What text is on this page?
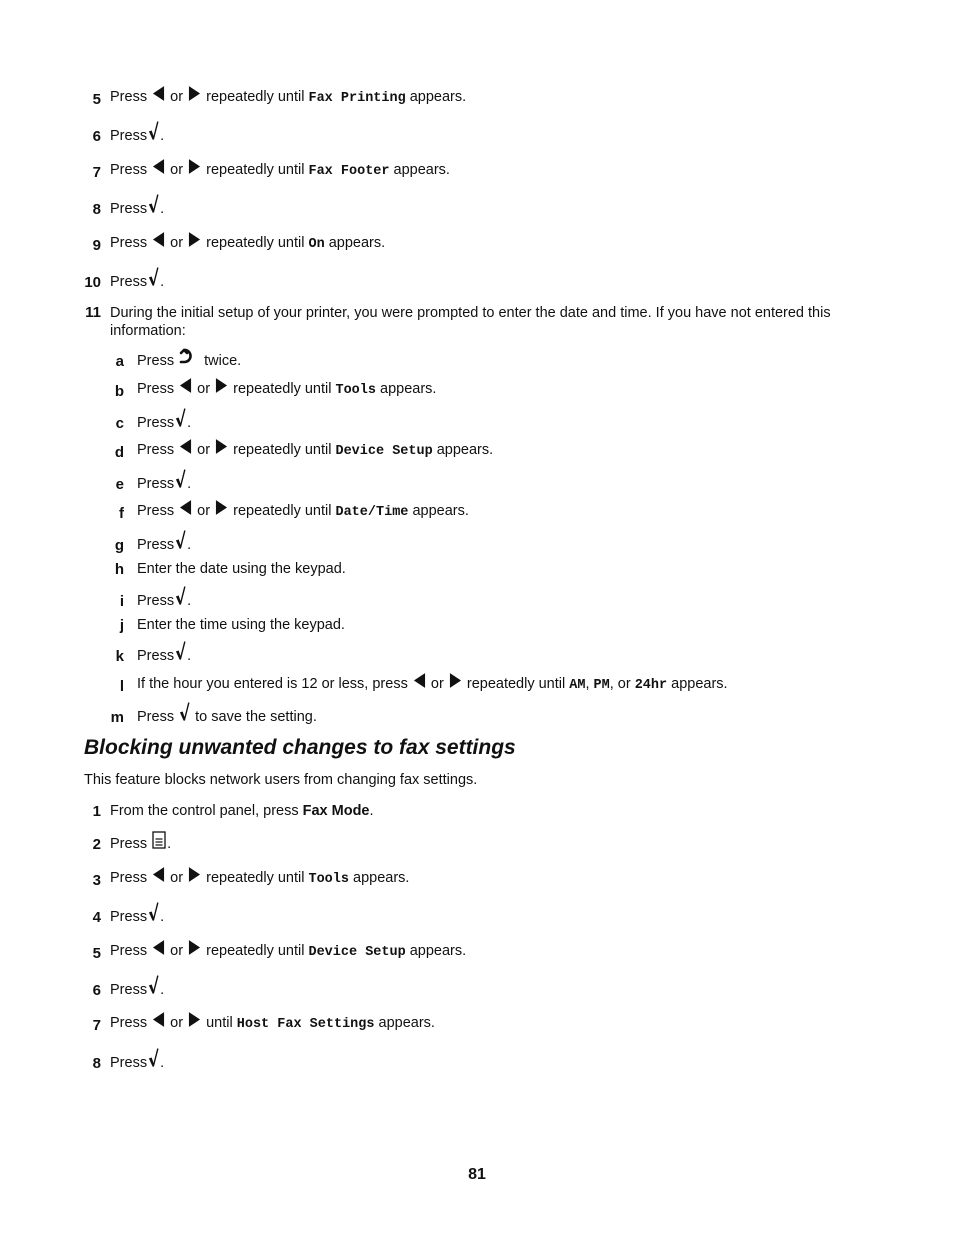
5 Press or repeatedly until Fax Printing appears.
6 Press .
7 Press or repeatedly until Fax Footer appears.
8 Press .
9 Press or repeatedly until On appears.
10 Press .
11 During the initial setup of your printer, you were prompted to enter the date and time. If you have not entered this information:
a Press twice.
b Press or repeatedly until Tools appears.
c Press .
d Press or repeatedly until Device Setup appears.
e Press .
f Press or repeatedly until Date/Time appears.
g Press .
h Enter the date using the keypad.
i Press .
j Enter the time using the keypad.
k Press .
l If the hour you entered is 12 or less, press or repeatedly until AM, PM, or 24hr appears.
m Press to save the setting.
Blocking unwanted changes to fax settings
This feature blocks network users from changing fax settings.
1 From the control panel, press Fax Mode.
2 Press .
3 Press or repeatedly until Tools appears.
4 Press .
5 Press or repeatedly until Device Setup appears.
6 Press .
7 Press or until Host Fax Settings appears.
8 Press .
81
